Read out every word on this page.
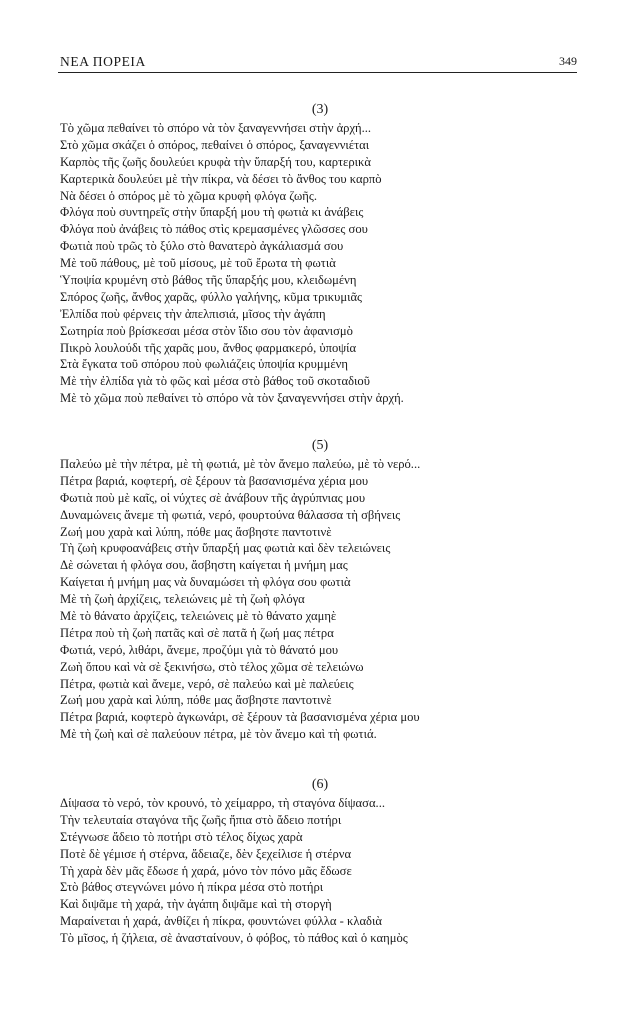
ΝΕΑ ΠΟΡΕΙΑ	349
(3)
Τὸ χῶμα πεθαίνει τὸ σπόρο νὰ τὸν ξαναγεννήσει στὴν ἀρχή...
Στὸ χῶμα σκάζει ὁ σπόρος, πεθαίνει ὁ σπόρος, ξαναγεννιέται
Καρπὸς τῆς ζωῆς δουλεύει κρυφὰ τὴν ὕπαρξή του, καρτερικὰ
Καρτερικὰ δουλεύει μὲ τὴν πίκρα, νὰ δέσει τὸ ἄνθος του καρπὸ
Νὰ δέσει ὁ σπόρος μὲ τὸ χῶμα κρυφὴ φλόγα ζωῆς.
Φλόγα ποὺ συντηρεῖς στὴν ὕπαρξή μου τὴ φωτιὰ κι ἀνάβεις
Φλόγα ποὺ ἀνάβεις τὸ πάθος στὶς κρεμασμένες γλῶσσες σου
Φωτιὰ ποὺ τρῶς τὸ ξύλο στὸ θανατερὸ ἀγκάλιασμά σου
Μὲ τοῦ πάθους, μὲ τοῦ μίσους, μὲ τοῦ ἔρωτα τὴ φωτιὰ
Ὑποψία κρυμένη στὸ βάθος τῆς ὕπαρξής μου, κλειδωμένη
Σπόρος ζωῆς, ἄνθος χαρᾶς, φύλλο γαλήνης, κῦμα τρικυμιᾶς
Ἐλπίδα ποὺ φέρνεις τὴν ἀπελπισιά, μῖσος τὴν ἀγάπη
Σωτηρία ποὺ βρίσκεσαι μέσα στὸν ἴδιο σου τὸν ἀφανισμὸ
Πικρὸ λουλούδι τῆς χαρᾶς μου, ἄνθος φαρμακερό, ὑποψία
Στὰ ἔγκατα τοῦ σπόρου ποὺ φωλιάζεις ὑποψία κρυμμένη
Μὲ τὴν ἐλπίδα γιὰ τὸ φῶς καὶ μέσα στὸ βάθος τοῦ σκοταδιοῦ
Μὲ τὸ χῶμα ποὺ πεθαίνει τὸ σπόρο νὰ τὸν ξαναγεννήσει στὴν ἀρχή.
(5)
Παλεύω μὲ τὴν πέτρα, μὲ τὴ φωτιά, μὲ τὸν ἄνεμο παλεύω, μὲ τὸ νερό...
Πέτρα βαριά, κοφτερή, σὲ ξέρουν τὰ βασανισμένα χέρια μου
Φωτιὰ ποὺ μὲ καῖς, οἱ νύχτες σὲ ἀνάβουν τῆς ἀγρύπνιας μου
Δυναμώνεις ἄνεμε τὴ φωτιά, νερό, φουρτούνα θάλασσα τὴ σβήνεις
Ζωή μου χαρὰ καὶ λύπη, πόθε μας ἄσβηστε παντοτινὲ
Τὴ ζωὴ κρυφοανάβεις στὴν ὕπαρξή μας φωτιὰ καὶ δὲν τελειώνεις
Δὲ σώνεται ἡ φλόγα σου, ἄσβηστη καίγεται ἡ μνήμη μας
Καίγεται ἡ μνήμη μας νὰ δυναμώσει τὴ φλόγα σου φωτιὰ
Μὲ τὴ ζωὴ ἀρχίζεις, τελειώνεις μὲ τὴ ζωὴ φλόγα
Μὲ τὸ θάνατο ἀρχίζεις, τελειώνεις μὲ τὸ θάνατο χαμηὲ
Πέτρα ποὺ τὴ ζωὴ πατᾶς καὶ σὲ πατᾶ ἡ ζωή μας πέτρα
Φωτιά, νερό, λιθάρι, ἄνεμε, προζύμι γιὰ τὸ θάνατό μου
Ζωὴ ὅπου καὶ νὰ σὲ ξεκινήσω, στὸ τέλος χῶμα σὲ τελειώνω
Πέτρα, φωτιὰ καὶ ἄνεμε, νερό, σὲ παλεύω καὶ μὲ παλεύεις
Ζωή μου χαρὰ καὶ λύπη, πόθε μας ἄσβηστε παντοτινὲ
Πέτρα βαριά, κοφτερὸ ἀγκωνάρι, σὲ ξέρουν τὰ βασανισμένα χέρια μου
Μὲ τὴ ζωὴ καὶ σὲ παλεύουν πέτρα, μὲ τὸν ἄνεμο καὶ τὴ φωτιά.
(6)
Δίψασα τὸ νερό, τὸν κρουνό, τὸ χείμαρρο, τὴ σταγόνα δίψασα...
Τὴν τελευταία σταγόνα τῆς ζωῆς ἤπια στὸ ἄδειο ποτήρι
Στέγνωσε ἄδειο τὸ ποτήρι στὸ τέλος δίχως χαρὰ
Ποτὲ δὲ γέμισε ἡ στέρνα, ἄδειαζε, δὲν ξεχείλισε ἡ στέρνα
Τὴ χαρὰ δὲν μᾶς ἔδωσε ἡ χαρά, μόνο τὸν πόνο μᾶς ἔδωσε
Στὸ βάθος στεγνώνει μόνο ἡ πίκρα μέσα στὸ ποτήρι
Καὶ διψᾶμε τὴ χαρά, τὴν ἀγάπη διψᾶμε καὶ τὴ στοργὴ
Μαραίνεται ἡ χαρά, ἀνθίζει ἡ πίκρα, φουντώνει φύλλα - κλαδιὰ
Τὸ μῖσος, ἡ ζήλεια, σὲ ἀνασταίνουν, ὁ φόβος, τὸ πάθος καὶ ὁ καημὸς
